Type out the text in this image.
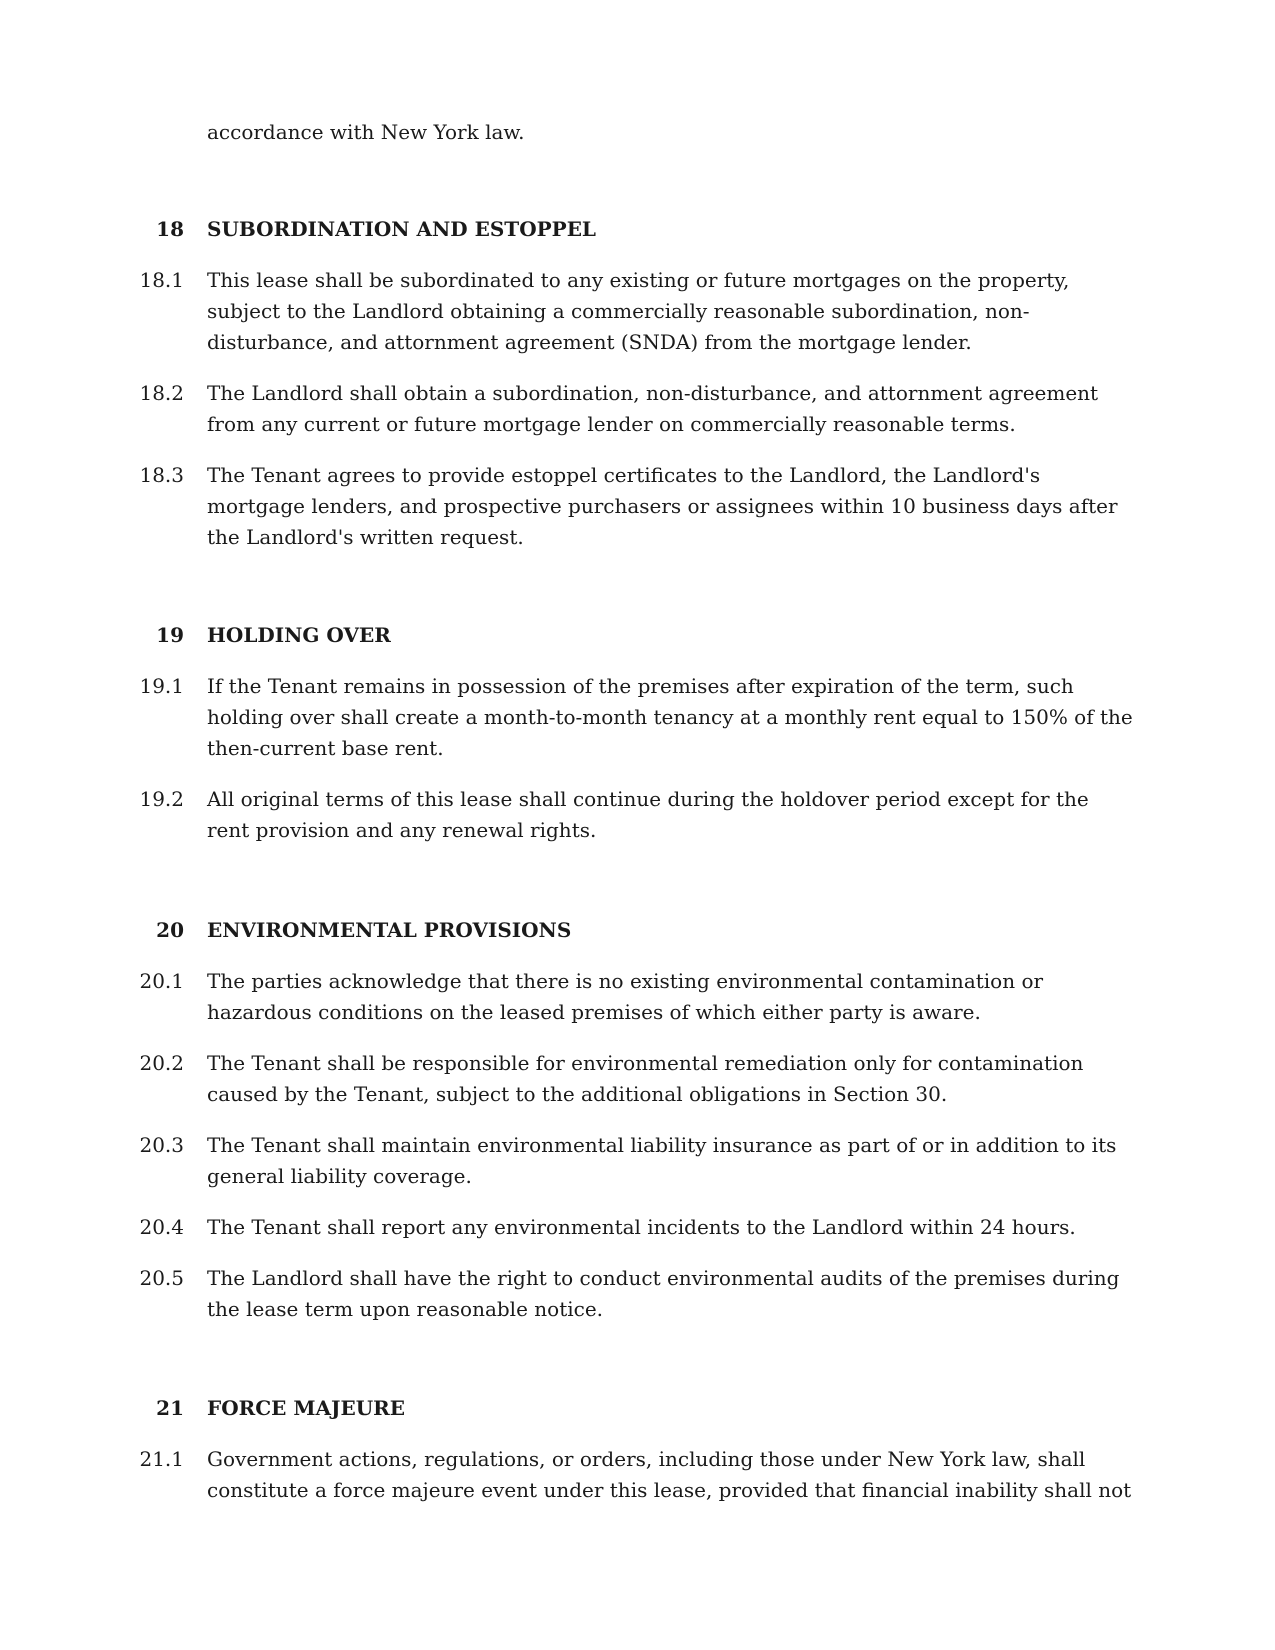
accordance with New York law.
18 SUBORDINATION AND ESTOPPEL
18.1 This lease shall be subordinated to any existing or future mortgages on the property, subject to the Landlord obtaining a commercially reasonable subordination, non-disturbance, and attornment agreement (SNDA) from the mortgage lender.
18.2 The Landlord shall obtain a subordination, non-disturbance, and attornment agreement from any current or future mortgage lender on commercially reasonable terms.
18.3 The Tenant agrees to provide estoppel certificates to the Landlord, the Landlord's mortgage lenders, and prospective purchasers or assignees within 10 business days after the Landlord's written request.
19 HOLDING OVER
19.1 If the Tenant remains in possession of the premises after expiration of the term, such holding over shall create a month-to-month tenancy at a monthly rent equal to 150% of the then-current base rent.
19.2 All original terms of this lease shall continue during the holdover period except for the rent provision and any renewal rights.
20 ENVIRONMENTAL PROVISIONS
20.1 The parties acknowledge that there is no existing environmental contamination or hazardous conditions on the leased premises of which either party is aware.
20.2 The Tenant shall be responsible for environmental remediation only for contamination caused by the Tenant, subject to the additional obligations in Section 30.
20.3 The Tenant shall maintain environmental liability insurance as part of or in addition to its general liability coverage.
20.4 The Tenant shall report any environmental incidents to the Landlord within 24 hours.
20.5 The Landlord shall have the right to conduct environmental audits of the premises during the lease term upon reasonable notice.
21 FORCE MAJEURE
21.1 Government actions, regulations, or orders, including those under New York law, shall constitute a force majeure event under this lease, provided that financial inability shall not
